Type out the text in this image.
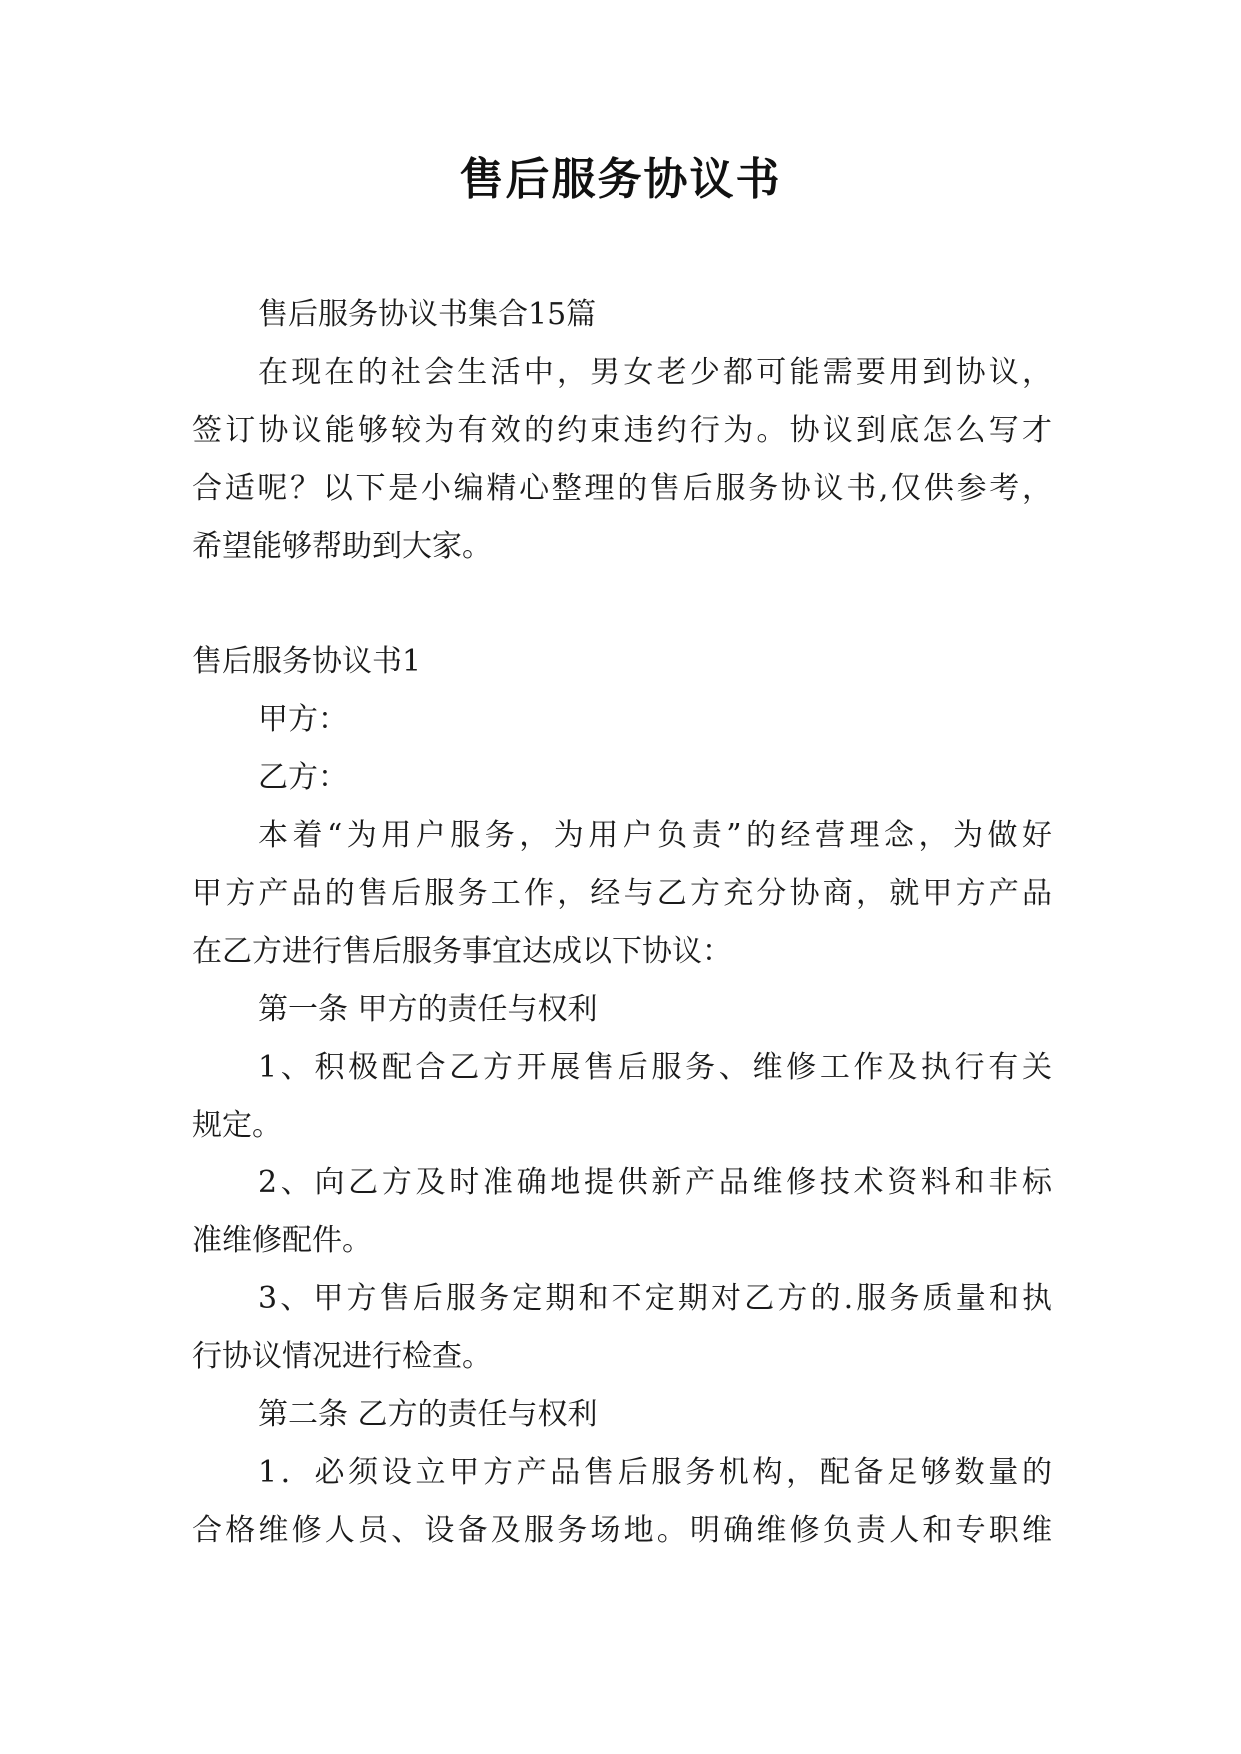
售后服务协议书
售后服务协议书集合15篇
在现在的社会生活中，男女老少都可能需要用到协议，
签订协议能够较为有效的约束违约行为。协议到底怎么写才
合适呢？以下是小编精心整理的售后服务协议书,仅供参考，
希望能够帮助到大家。
售后服务协议书1
甲方：
乙方：
本着“为用户服务，为用户负责”的经营理念，为做好
甲方产品的售后服务工作，经与乙方充分协商，就甲方产品
在乙方进行售后服务事宜达成以下协议：
第一条 甲方的责任与权利
1、积极配合乙方开展售后服务、维修工作及执行有关
规定。
2、向乙方及时准确地提供新产品维修技术资料和非标
准维修配件。
3、甲方售后服务定期和不定期对乙方的.服务质量和执
行协议情况进行检查。
第二条 乙方的责任与权利
1．必须设立甲方产品售后服务机构，配备足够数量的
合格维修人员、设备及服务场地。明确维修负责人和专职维
